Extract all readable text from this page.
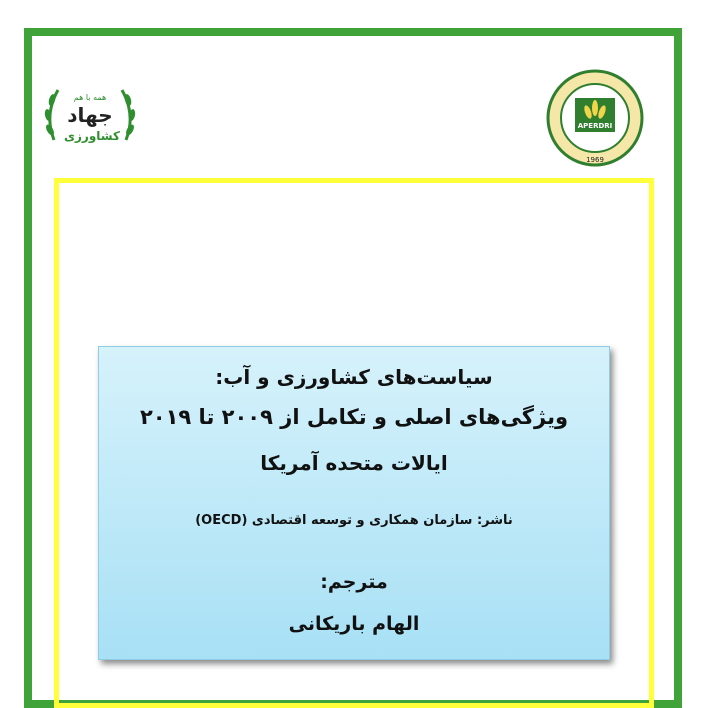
همه با هم
جهاد
کشاورزی
APERDRI
1969
سیاست‌های کشاورزی و آب:
ویژگی‌های اصلی و تکامل از ۲۰۰۹ تا ۲۰۱۹
ایالات متحده آمریکا
ناشر: سازمان همکاری و توسعه اقتصادی (OECD)
مترجم:
الهام باریکانی
